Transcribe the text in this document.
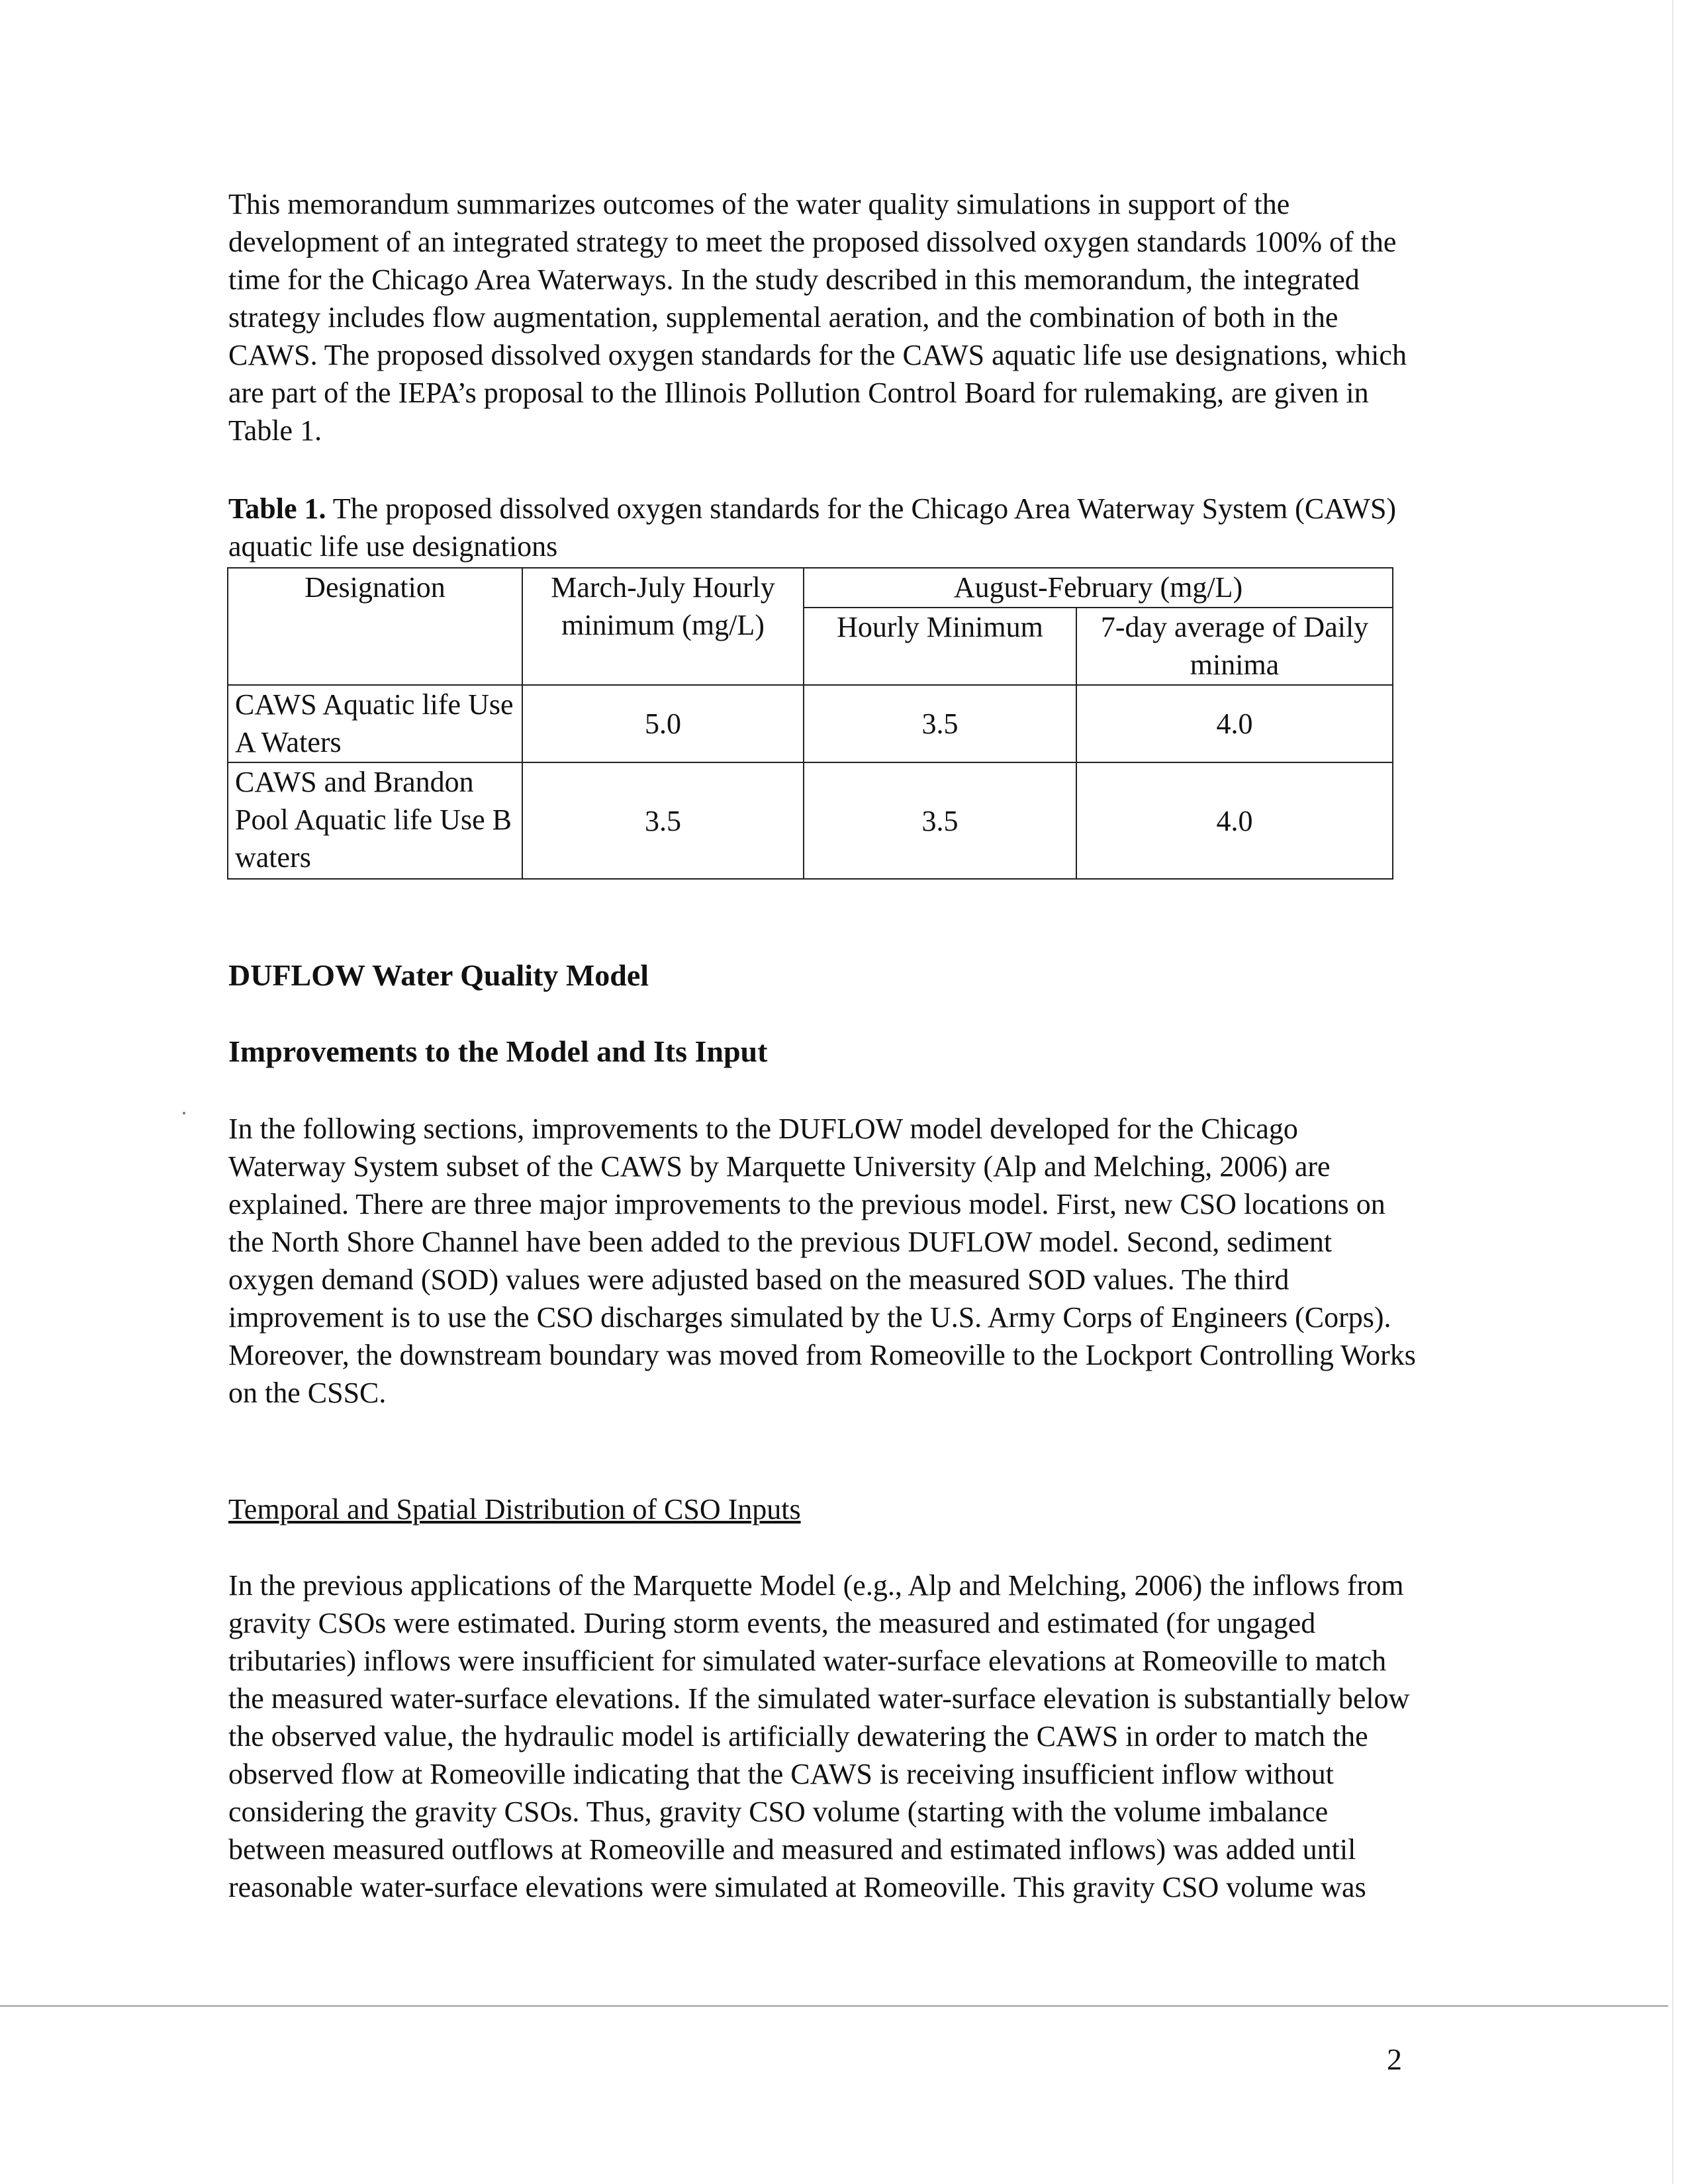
This memorandum summarizes outcomes of the water quality simulations in support of the development of an integrated strategy to meet the proposed dissolved oxygen standards 100% of the time for the Chicago Area Waterways. In the study described in this memorandum, the integrated strategy includes flow augmentation, supplemental aeration, and the combination of both in the CAWS. The proposed dissolved oxygen standards for the CAWS aquatic life use designations, which are part of the IEPA’s proposal to the Illinois Pollution Control Board for rulemaking, are given in Table 1.

Table 1. The proposed dissolved oxygen standards for the Chicago Area Waterway System (CAWS) aquatic life use designations

Designation	March-July Hourly minimum (mg/L)	August-February (mg/L)	
		Hourly Minimum	7-day average of Daily minima
CAWS Aquatic life Use A Waters	5.0	3.5	4.0
CAWS and Brandon Pool Aquatic life Use B waters	3.5	3.5	4.0
DUFLOW Water Quality Model
Improvements to the Model and Its Input

In the following sections, improvements to the DUFLOW model developed for the Chicago Waterway System subset of the CAWS by Marquette University (Alp and Melching, 2006) are explained. There are three major improvements to the previous model. First, new CSO locations on the North Shore Channel have been added to the previous DUFLOW model. Second, sediment oxygen demand (SOD) values were adjusted based on the measured SOD values. The third improvement is to use the CSO discharges simulated by the U.S. Army Corps of Engineers (Corps). Moreover, the downstream boundary was moved from Romeoville to the Lockport Controlling Works on the CSSC.

Temporal and Spatial Distribution of CSO Inputs

In the previous applications of the Marquette Model (e.g., Alp and Melching, 2006) the inflows from gravity CSOs were estimated. During storm events, the measured and estimated (for ungaged tributaries) inflows were insufficient for simulated water-surface elevations at Romeoville to match the measured water-surface elevations. If the simulated water-surface elevation is substantially below the observed value, the hydraulic model is artificially dewatering the CAWS in order to match the observed flow at Romeoville indicating that the CAWS is receiving insufficient inflow without considering the gravity CSOs. Thus, gravity CSO volume (starting with the volume imbalance between measured outflows at Romeoville and measured and estimated inflows) was added until reasonable water-surface elevations were simulated at Romeoville. This gravity CSO volume was

2
